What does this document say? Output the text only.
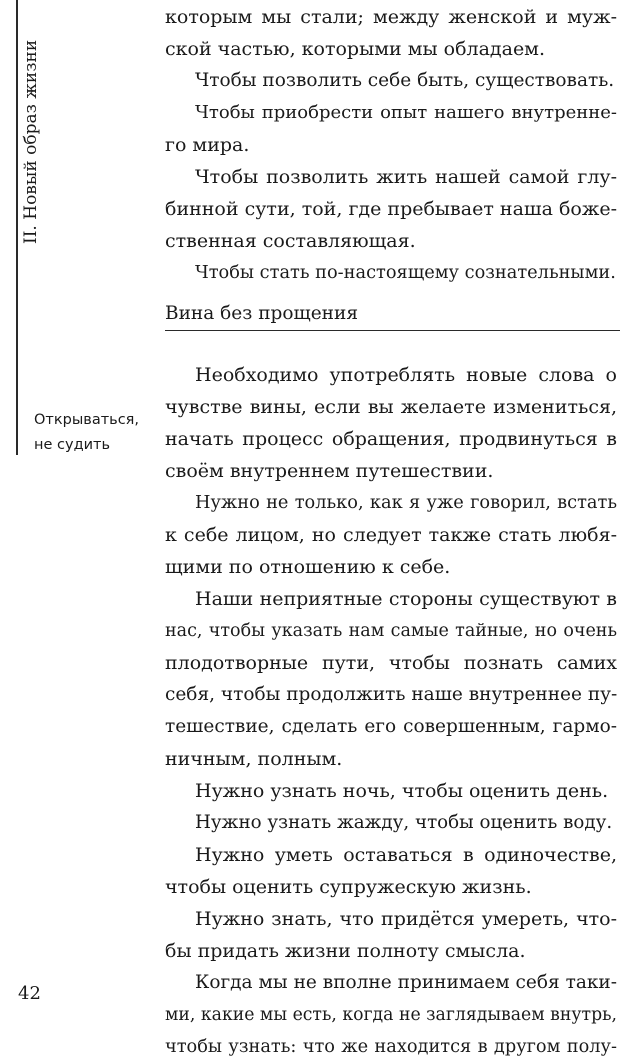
II. Новый образ жизни
Открываться,
не судить
которым мы стали; между женской и муж-
ской частью, которыми мы обладаем.
Чтобы позволить себе быть, существовать.
Чтобы приобрести опыт нашего внутренне-
го мира.
Чтобы позволить жить нашей самой глу-
бинной сути, той, где пребывает наша боже-
ственная составляющая.
Чтобы стать по-настоящему сознательными.
Вина без прощения
Необходимо употреблять новые слова о
чувстве вины, если вы желаете измениться,
начать процесс обращения, продвинуться в
своём внутреннем путешествии.
Нужно не только, как я уже говорил, встать
к себе лицом, но следует также стать любя-
щими по отношению к себе.
Наши неприятные стороны существуют в
нас, чтобы указать нам самые тайные, но очень
плодотворные пути, чтобы познать самих
себя, чтобы продолжить наше внутреннее пу-
тешествие, сделать его совершенным, гармо-
ничным, полным.
Нужно узнать ночь, чтобы оценить день.
Нужно узнать жажду, чтобы оценить воду.
Нужно уметь оставаться в одиночестве,
чтобы оценить супружескую жизнь.
Нужно знать, что придётся умереть, что-
бы придать жизни полноту смысла.
Когда мы не вполне принимаем себя таки-
ми, какие мы есть, когда не заглядываем внутрь,
чтобы узнать: что же находится в другом полу-
42
